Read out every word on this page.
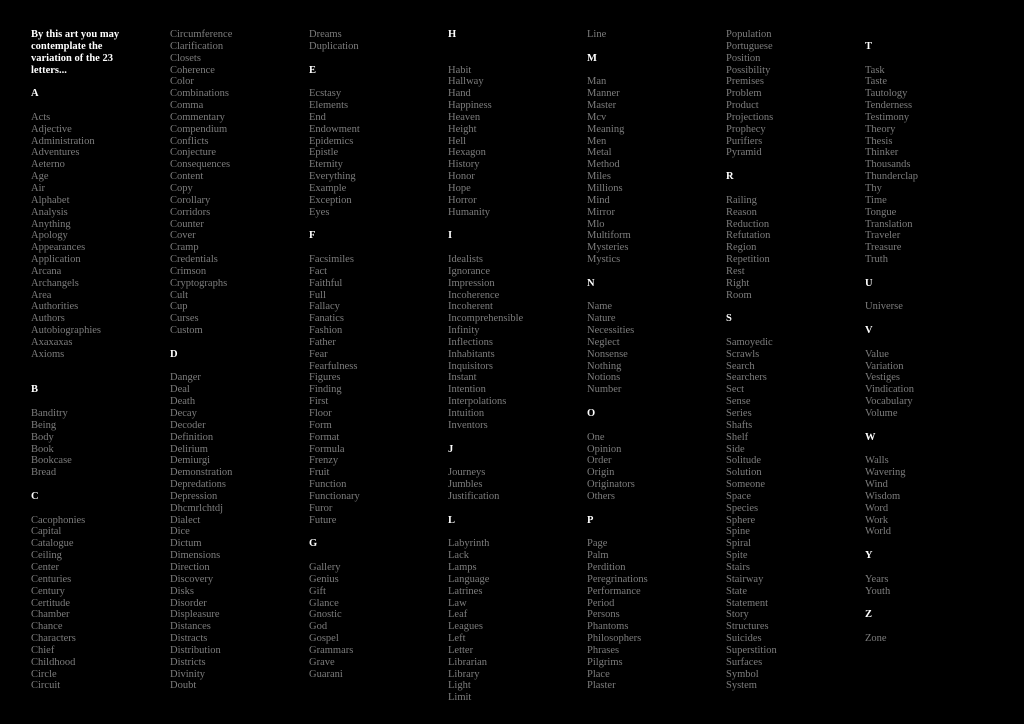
By this art you may
contemplate the
variation of the 23
letters...
A
Acts
Adjective
Administration
Adventures
Aeterno
Age
Air
Alphabet
Analysis
Anything
Apology
Appearances
Application
Arcana
Archangels
Area
Authorities
Authors
Autobiographies
Axaxaxas
Axioms
B
Banditry
Being
Body
Book
Bookcase
Bread
C
Cacophonies
Capital
Catalogue
Ceiling
Center
Centuries
Century
Certitude
Chamber
Chance
Characters
Chief
Childhood
Circle
Circuit
Circumference
Clarification
Closets
Coherence
Color
Combinations
Comma
Commentary
Compendium
Conflicts
Conjecture
Consequences
Content
Copy
Corollary
Corridors
Counter
Cover
Cramp
Credentials
Crimson
Cryptographs
Cult
Cup
Curses
Custom
D
Danger
Deal
Death
Decay
Decoder
Definition
Delirium
Demiurgi
Demonstration
Depredations
Depression
Dhcmrlchtdj
Dialect
Dice
Dictum
Dimensions
Direction
Discovery
Disks
Disorder
Displeasure
Distances
Distracts
Distribution
Districts
Divinity
Doubt
Dreams
Duplication
E
Ecstasy
Elements
End
Endowment
Epidemics
Epistle
Eternity
Everything
Example
Exception
Eyes
F
Facsimiles
Fact
Faithful
Full
Fallacy
Fanatics
Fashion
Father
Fear
Fearfulness
Figures
Finding
First
Floor
Form
Format
Formula
Frenzy
Fruit
Function
Functionary
Furor
Future
G
Gallery
Genius
Gift
Glance
Gnostic
God
Gospel
Grammars
Grave
Guarani
H
Habit
Hallway
Hand
Happiness
Heaven
Height
Hell
Hexagon
History
Honor
Hope
Horror
Humanity
I
Idealists
Ignorance
Impression
Incoherence
Incoherent
Incomprehensible
Infinity
Inflections
Inhabitants
Inquisitors
Instant
Intention
Interpolations
Intuition
Inventors
J
Journeys
Jumbles
Justification
L
Labyrinth
Lack
Lamps
Language
Latrines
Law
Leaf
Leagues
Left
Letter
Librarian
Library
Light
Limit
Line
M
Man
Manner
Master
Mcv
Meaning
Men
Metal
Method
Miles
Millions
Mind
Mirror
Mlo
Multiform
Mysteries
Mystics
N
Name
Nature
Necessities
Neglect
Nonsense
Nothing
Notions
Number
O
One
Opinion
Order
Origin
Originators
Others
P
Page
Palm
Perdition
Peregrinations
Performance
Period
Persons
Phantoms
Philosophers
Phrases
Pilgrims
Place
Plaster
Population
Portuguese
Position
Possibility
Premises
Problem
Product
Projections
Prophecy
Purifiers
Pyramid
R
Railing
Reason
Reduction
Refutation
Region
Repetition
Rest
Right
Room
S
Samoyedic
Scrawls
Search
Searchers
Sect
Sense
Series
Shafts
Shelf
Side
Solitude
Solution
Someone
Space
Species
Sphere
Spine
Spiral
Spite
Stairs
Stairway
State
Statement
Story
Structures
Suicides
Superstition
Surfaces
Symbol
System
T
Task
Taste
Tautology
Tenderness
Testimony
Theory
Thesis
Thinker
Thousands
Thunderclap
Thy
Time
Tongue
Translation
Traveler
Treasure
Truth
U
Universe
V
Value
Variation
Vestiges
Vindication
Vocabulary
Volume
W
Walls
Wavering
Wind
Wisdom
Word
Work
World
Y
Years
Youth
Z
Zone
